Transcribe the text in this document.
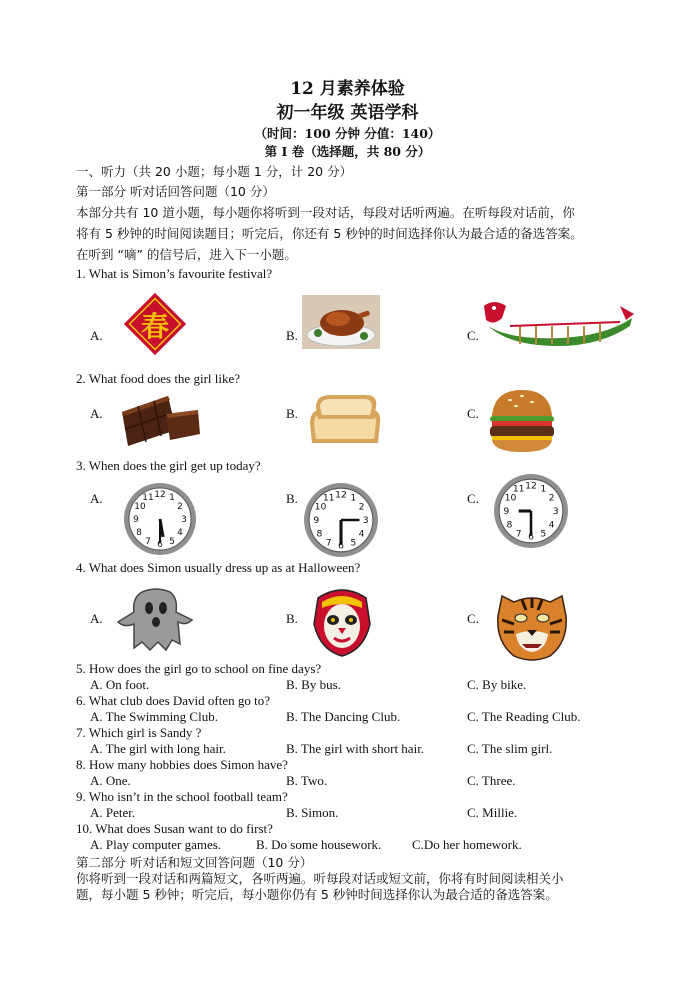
12 月素养体验
初一年级 英语学科
（时间：100 分钟 分值：140）
第 Ⅰ 卷（选择题，共 80 分）
一、听力（共 20 小题；每小题 1 分，计 20 分）
第一部分 听对话回答问题（10 分）
本部分共有 10 道小题，每小题你将听到一段对话，每段对话听两遍。在听每段对话前，你
将有 5 秒钟的时间阅读题目；听完后，你还有 5 秒钟的时间选择你认为最合适的备选答案。
在听到 “嘀” 的信号后，进入下一小题。
1. What is Simon’s favourite festival?
A.	B.	C.
春
2. What food does the girl like?
A.	B.	C.
3. When does the girl get up today?
A.	B.	C.
12 1
2
3
4
5
6
7
8
9
10
11	12 1
2
3
4
5
6
7
8
9
10
11
12 1
2
3
4
5
6
7
8
9
10
11
4. What does Simon usually dress up as at Halloween?
A.	B.	C.
5. How does the girl go to school on fine days?
A. On foot.	B. By bus.	C. By bike.
6. What club does David often go to?
A. The Swimming Club.	B. The Dancing Club.	C. The Reading Club.
7. Which girl is Sandy ?
A. The girl with long hair.	B. The girl with short hair.	C. The slim girl.
8. How many hobbies does Simon have?
A. One.	B. Two.	C. Three.
9. Who isn’t in the school football team?
A. Peter.	B. Simon.	C. Millie.
10. What does Susan want to do first?
A. Play computer games.	B. Do some housework. C.Do her homework.
第二部分 听对话和短文回答问题（10 分）
你将听到一段对话和两篇短文，各听两遍。听每段对话或短文前，你将有时间阅读相关小
题，每小题 5 秒钟；听完后，每小题你仍有 5 秒钟时间选择你认为最合适的备选答案。
